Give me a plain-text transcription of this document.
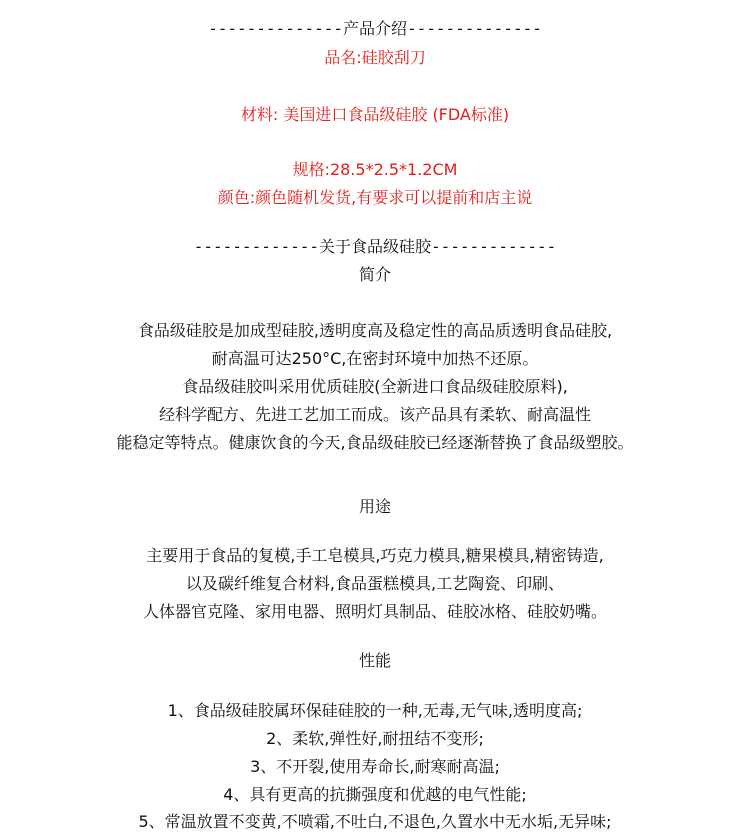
--------------产品介绍--------------
品名:硅胶刮刀
材料: 美国进口食品级硅胶 (FDA标准)
规格:28.5*2.5*1.2CM
颜色:颜色随机发货,有要求可以提前和店主说
-------------关于食品级硅胶-------------
简介
食品级硅胶是加成型硅胶,透明度高及稳定性的高品质透明食品硅胶,
耐高温可达250°C,在密封环境中加热不还原。
食品级硅胶叫采用优质硅胶(全新进口食品级硅胶原料),
经科学配方、先进工艺加工而成。该产品具有柔软、耐高温性
能稳定等特点。健康饮食的今天,食品级硅胶已经逐渐替换了食品级塑胶。
用途
主要用于食品的复模,手工皂模具,巧克力模具,糖果模具,精密铸造,
以及碳纤维复合材料,食品蛋糕模具,工艺陶瓷、印刷、
人体器官克隆、家用电器、照明灯具制品、硅胶冰格、硅胶奶嘴。
性能
1、食品级硅胶属环保硅硅胶的一种,无毒,无气味,透明度高;
2、柔软,弹性好,耐扭结不变形;
3、不开裂,使用寿命长,耐寒耐高温;
4、具有更高的抗撕强度和优越的电气性能;
5、常温放置不变黄,不喷霜,不吐白,不退色,久置水中无水垢,无异味;
